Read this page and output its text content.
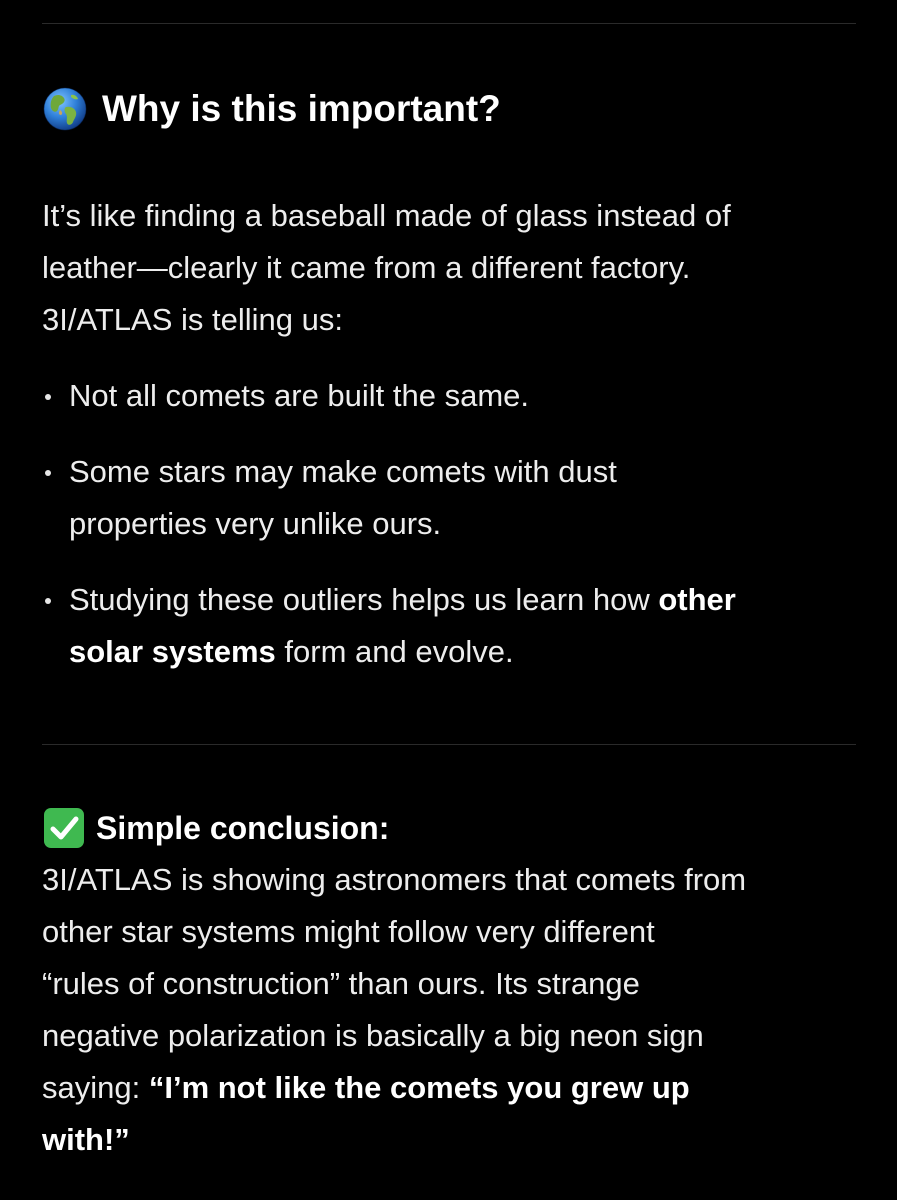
Why is this important?

It’s like finding a baseball made of glass instead of
leather—clearly it came from a different factory.
3I/ATLAS is telling us:

Not all comets are built the same.
Some stars may make comets with dust
properties very unlike ours.
Studying these outliers helps us learn how other
solar systems form and evolve.
Simple conclusion:

3I/ATLAS is showing astronomers that comets from
other star systems might follow very different
“rules of construction” than ours. Its strange
negative polarization is basically a big neon sign
saying: “I’m not like the comets you grew up
with!”
